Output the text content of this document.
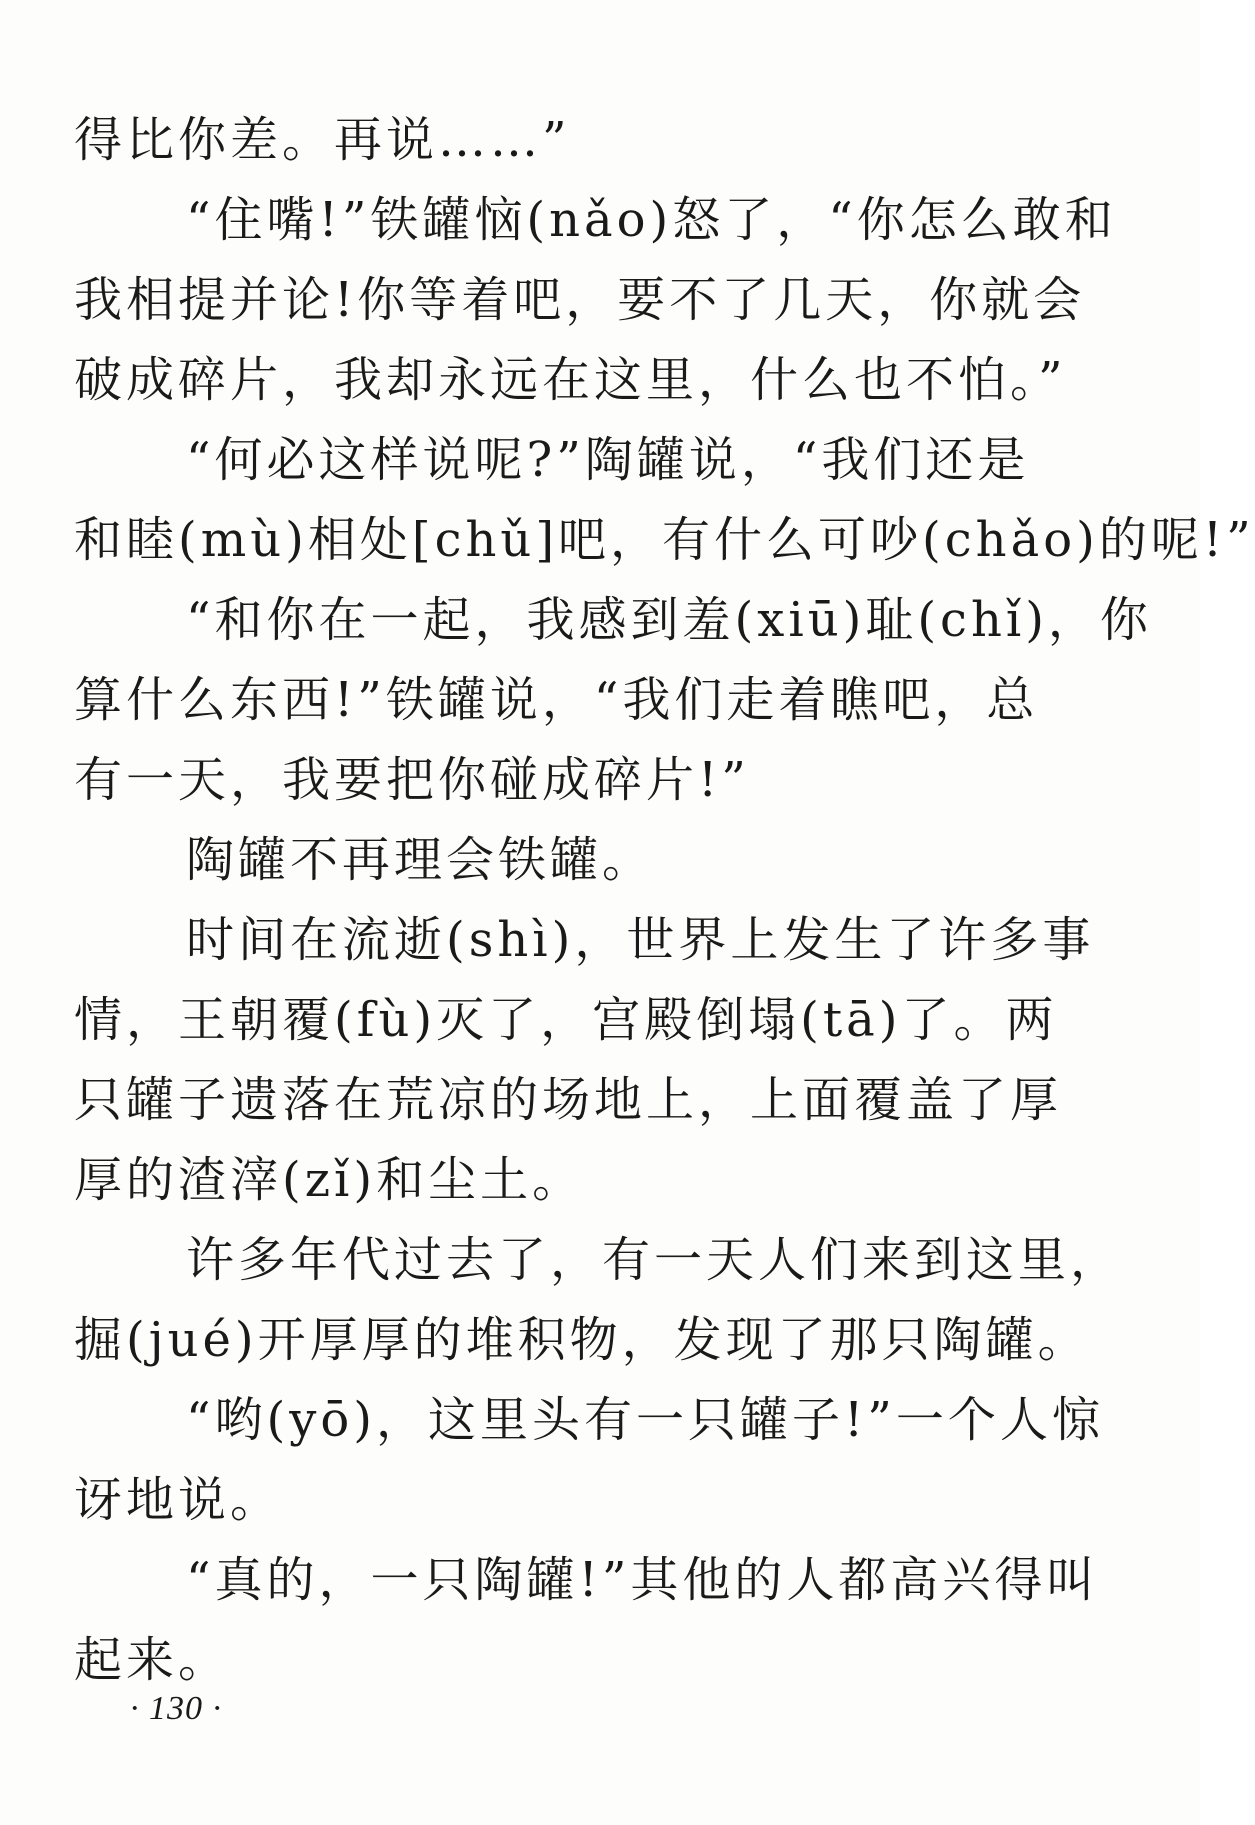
得比你差。再说……”
“住嘴!”铁罐恼(nǎo)怒了，“你怎么敢和
我相提并论!你等着吧，要不了几天，你就会
破成碎片，我却永远在这里，什么也不怕。”
“何必这样说呢?”陶罐说，“我们还是
和睦(mù)相处[chǔ]吧，有什么可吵(chǎo)的呢!”
“和你在一起，我感到羞(xiū)耻(chǐ)，你
算什么东西!”铁罐说，“我们走着瞧吧，总
有一天，我要把你碰成碎片!”
陶罐不再理会铁罐。
时间在流逝(shì)，世界上发生了许多事
情，王朝覆(fù)灭了，宫殿倒塌(tā)了。两
只罐子遗落在荒凉的场地上，上面覆盖了厚
厚的渣滓(zǐ)和尘土。
许多年代过去了，有一天人们来到这里，
掘(jué)开厚厚的堆积物，发现了那只陶罐。
“哟(yō)，这里头有一只罐子!”一个人惊
讶地说。
“真的，一只陶罐!”其他的人都高兴得叫
起来。
· 130 ·
